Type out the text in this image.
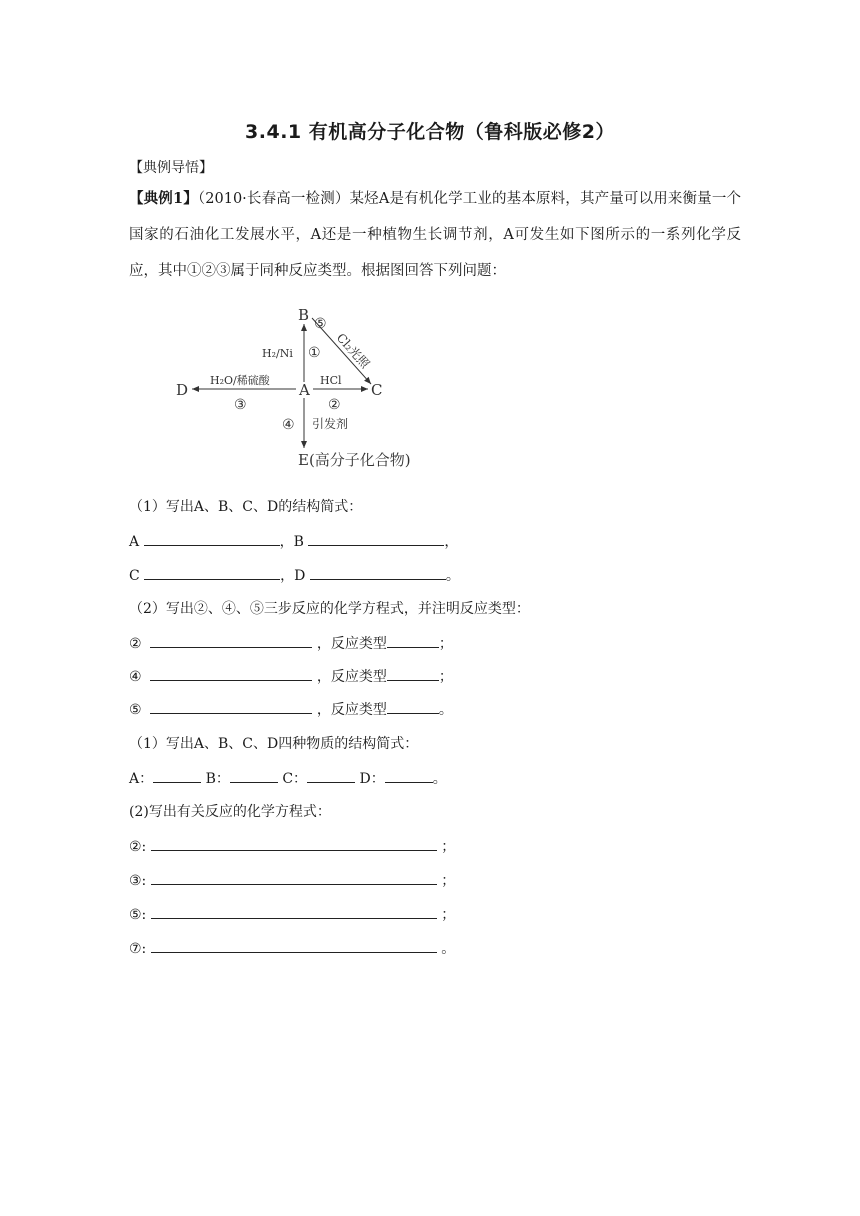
3.4.1 有机高分子化合物（鲁科版必修2）
【典例导悟】
【典例1】（2010·长春高一检测）某烃A是有机化学工业的基本原料，其产量可以用来衡量一个国家的石油化工发展水平，A还是一种植物生长调节剂，A可发生如下图所示的一系列化学反应，其中①②③属于同种反应类型。根据图回答下列问题：
A
B
C
D
E(高分子化合物)
H₂/Ni ①
HCl
②
H₂O/稀硫酸
③
引发剂
④
⑤
Cl₂光照
（1）写出A、B、C、D的结构简式：
A	，B	，
C	，D	。
（2）写出②、④、⑤三步反应的化学方程式，并注明反应类型：
②	，反应类型	；
④	，反应类型	；
⑤	，反应类型	。
（1）写出A、B、C、D四种物质的结构简式：
A：	B：	C：	D：	。
(2)写出有关反应的化学方程式：
②:	；
③:	；
⑤:	；
⑦:	。
